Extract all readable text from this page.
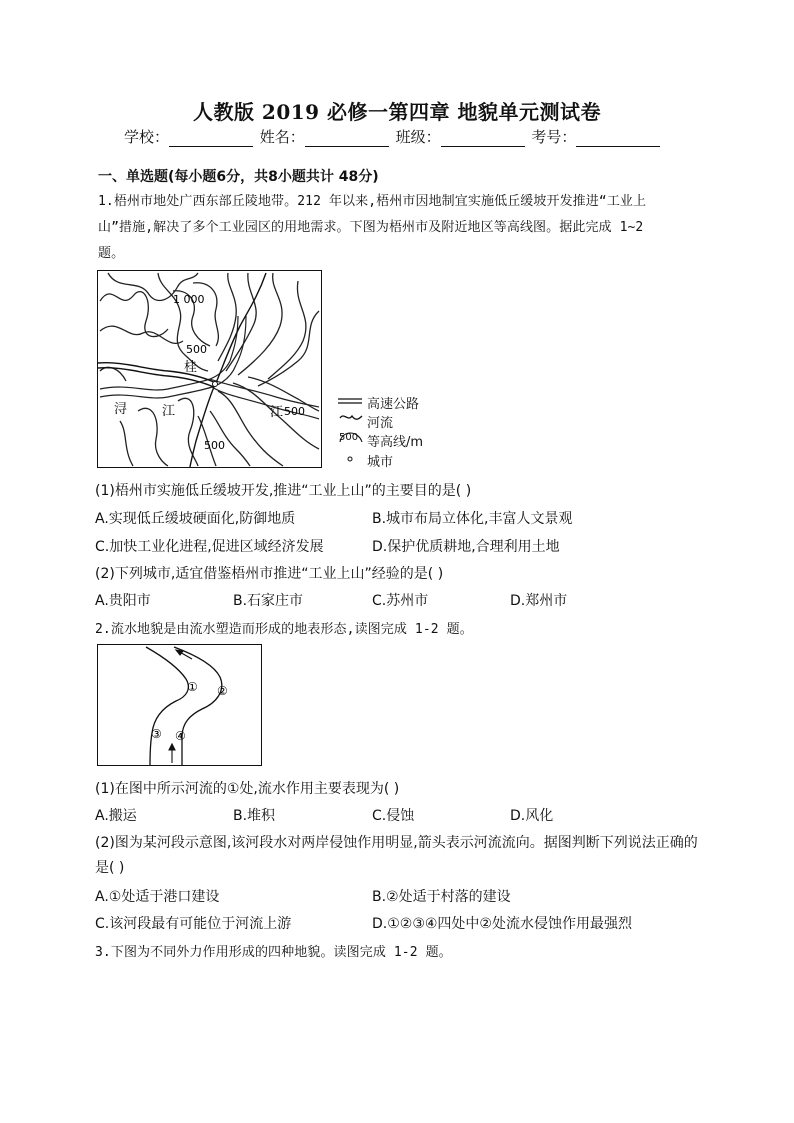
人教版 2019 必修一第四章 地貌单元测试卷
学校：	姓名：	班级：	考号：
一、单选题(每小题6分，共8小题共计 48分)
1.梧州市地处广西东部丘陵地带。212 年以来,梧州市因地制宜实施低丘缓坡开发推进“工业上
山”措施,解决了多个工业园区的用地需求。下图为梧州市及附近地区等高线图。据此完成 1~2
题。
1 000
500
桂
浔	江	江 500
500
高速公路
河流
500 等高线/m
城市
(1)梧州市实施低丘缓坡开发,推进“工业上山”的主要目的是( )
A.实现低丘缓坡硬面化,防御地质	B.城市布局立体化,丰富人文景观
C.加快工业化进程,促进区域经济发展	D.保护优质耕地,合理利用土地
(2)下列城市,适宜借鉴梧州市推进“工业上山”经验的是( )
A.贵阳市	B.石家庄市	C.苏州市	D.郑州市
2.流水地貌是由流水塑造而形成的地表形态,读图完成 1-2 题。
① ②
③ ④
(1)在图中所示河流的①处,流水作用主要表现为( )
A.搬运	B.堆积	C.侵蚀	D.风化
(2)图为某河段示意图,该河段水对两岸侵蚀作用明显,箭头表示河流流向。据图判断下列说法正确的
是( )
A.①处适于港口建设	B.②处适于村落的建设
C.该河段最有可能位于河流上游	D.①②③④四处中②处流水侵蚀作用最强烈
3.下图为不同外力作用形成的四种地貌。读图完成 1-2 题。
